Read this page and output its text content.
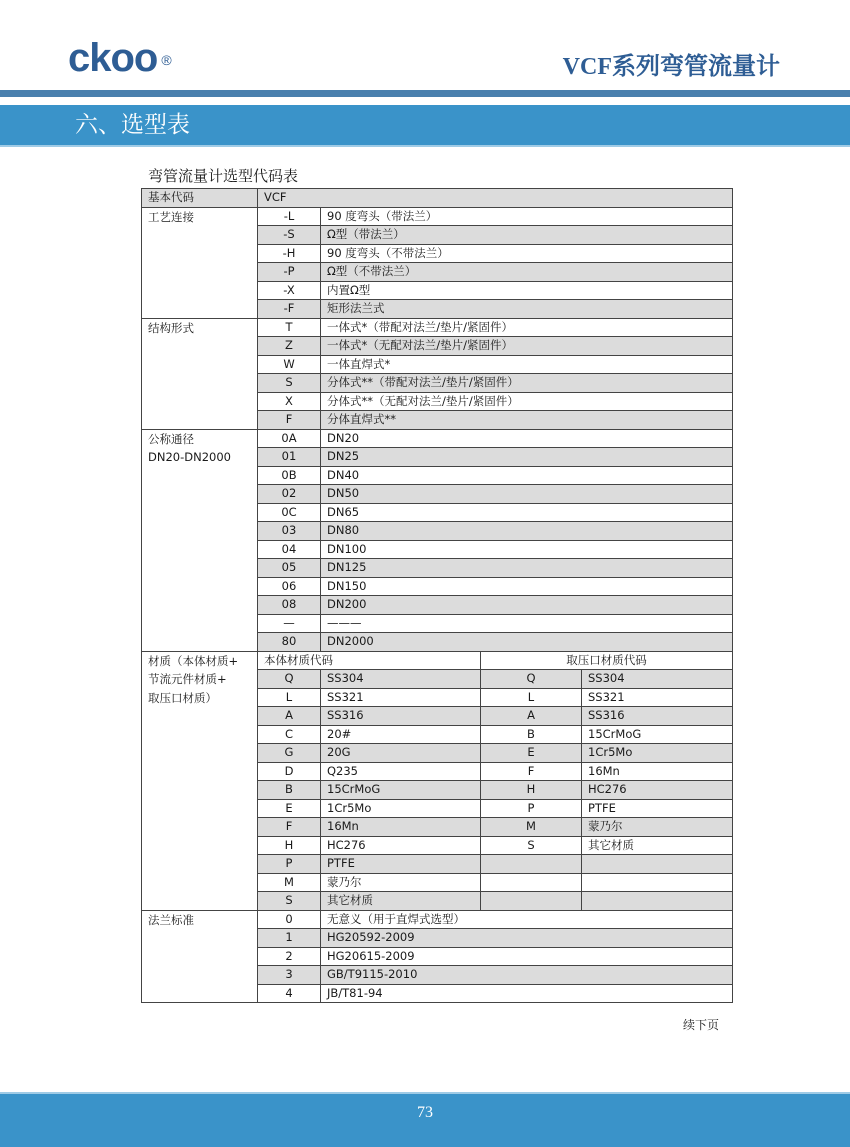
ckoo ®	VCF系列弯管流量计
六、选型表
弯管流量计选型代码表
基本代码	VCF			

工艺连接	-L	90 度弯头（带法兰）		
	-S	Ω型（带法兰）		
	-H	90 度弯头（不带法兰）		
	-P	Ω型（不带法兰）		
	-X	内置Ω型		
	-F	矩形法兰式		

结构形式	T	一体式*（带配对法兰/垫片/紧固件）		
	Z	一体式*（无配对法兰/垫片/紧固件）		
	W	一体直焊式*		
	S	分体式**（带配对法兰/垫片/紧固件）		
	X	分体式**（无配对法兰/垫片/紧固件）		
	F	分体直焊式**		

公称通径
DN20-DN2000	0A	DN20		
	01	DN25		
	0B	DN40		
	02	DN50		
	0C	DN65		
	03	DN80		
	04	DN100		
	05	DN125		
	06	DN150		
	08	DN200		
	—	———		
	80	DN2000		

材质（本体材质+
节流元件材质+
取压口材质）	本体材质代码		取压口材质代码	
	Q	SS304	Q	SS304
	L	SS321	L	SS321
	A	SS316	A	SS316
	C	20#	B	15CrMoG
	G	20G	E	1Cr5Mo
	D	Q235	F	16Mn
	B	15CrMoG	H	HC276
	E	1Cr5Mo	P	PTFE
	F	16Mn	M	蒙乃尔
	H	HC276	S	其它材质
	P	PTFE		
	M	蒙乃尔		
	S	其它材质		

法兰标准	0	无意义（用于直焊式选型）		
	1	HG20592-2009		
	2	HG20615-2009		
	3	GB/T9115-2010		
	4	JB/T81-94		
续下页
73
